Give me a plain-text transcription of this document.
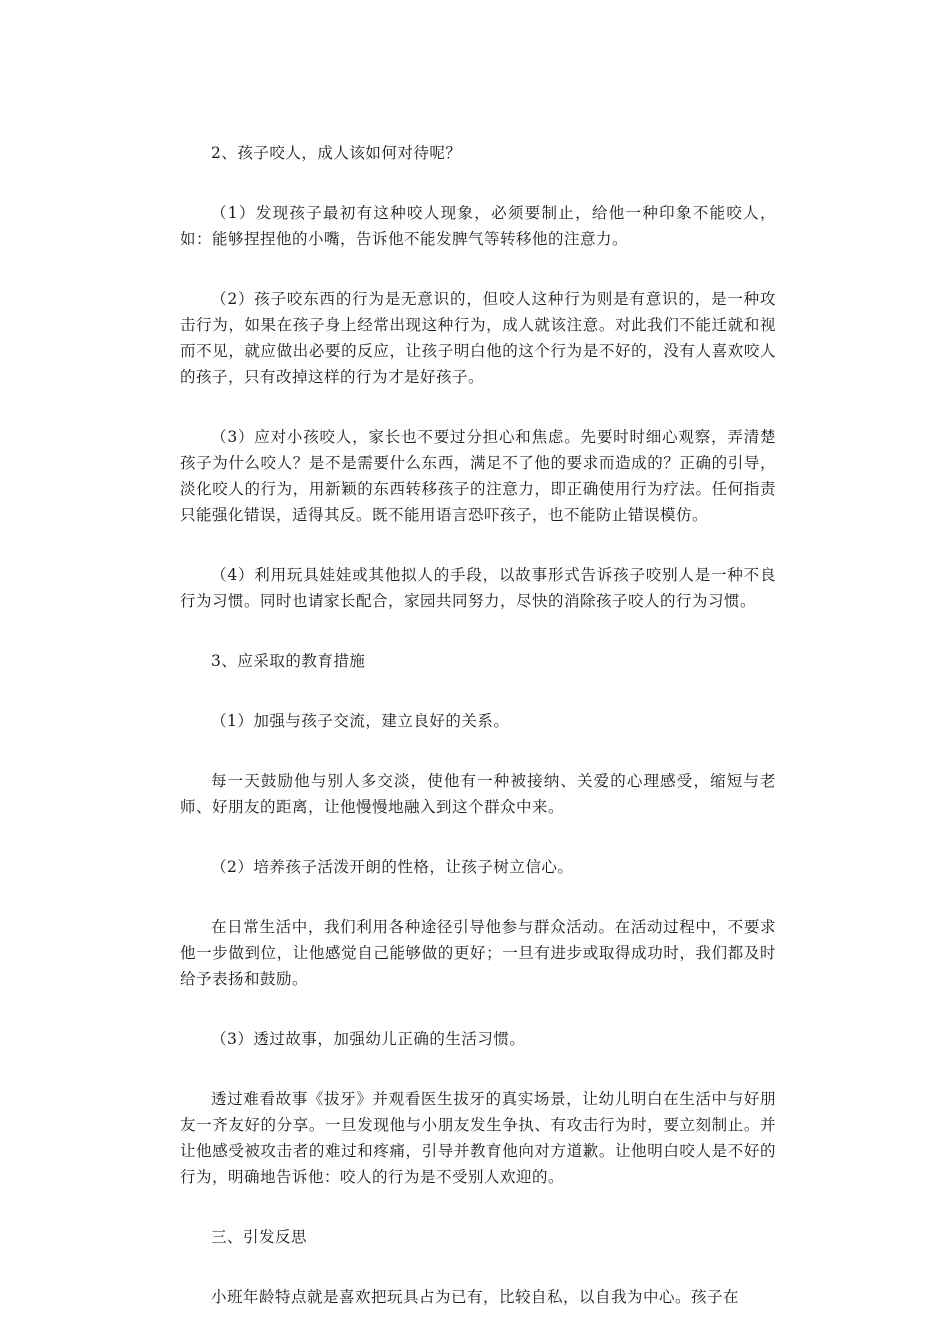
2、孩子咬人，成人该如何对待呢？

（1）发现孩子最初有这种咬人现象，必须要制止，给他一种印象不能咬人，如：能够捏捏他的小嘴，告诉他不能发脾气等转移他的注意力。

（2）孩子咬东西的行为是无意识的，但咬人这种行为则是有意识的，是一种攻击行为，如果在孩子身上经常出现这种行为，成人就该注意。对此我们不能迁就和视而不见，就应做出必要的反应，让孩子明白他的这个行为是不好的，没有人喜欢咬人的孩子，只有改掉这样的行为才是好孩子。

（3）应对小孩咬人，家长也不要过分担心和焦虑。先要时时细心观察，弄清楚孩子为什么咬人？是不是需要什么东西，满足不了他的要求而造成的？正确的引导，淡化咬人的行为，用新颖的东西转移孩子的注意力，即正确使用行为疗法。任何指责只能强化错误，适得其反。既不能用语言恐吓孩子，也不能防止错误模仿。

（4）利用玩具娃娃或其他拟人的手段，以故事形式告诉孩子咬别人是一种不良行为习惯。同时也请家长配合，家园共同努力，尽快的消除孩子咬人的行为习惯。

3、应采取的教育措施

（1）加强与孩子交流，建立良好的关系。

每一天鼓励他与别人多交淡，使他有一种被接纳、关爱的心理感受，缩短与老师、好朋友的距离，让他慢慢地融入到这个群众中来。

（2）培养孩子活泼开朗的性格，让孩子树立信心。

在日常生活中，我们利用各种途径引导他参与群众活动。在活动过程中，不要求他一步做到位，让他感觉自己能够做的更好；一旦有进步或取得成功时，我们都及时给予表扬和鼓励。

（3）透过故事，加强幼儿正确的生活习惯。

透过难看故事《拔牙》并观看医生拔牙的真实场景，让幼儿明白在生活中与好朋友一齐友好的分享。一旦发现他与小朋友发生争执、有攻击行为时，要立刻制止。并让他感受被攻击者的难过和疼痛，引导并教育他向对方道歉。让他明白咬人是不好的行为，明确地告诉他：咬人的行为是不受别人欢迎的。

三、引发反思

小班年龄特点就是喜欢把玩具占为已有，比较自私，以自我为中心。孩子在
